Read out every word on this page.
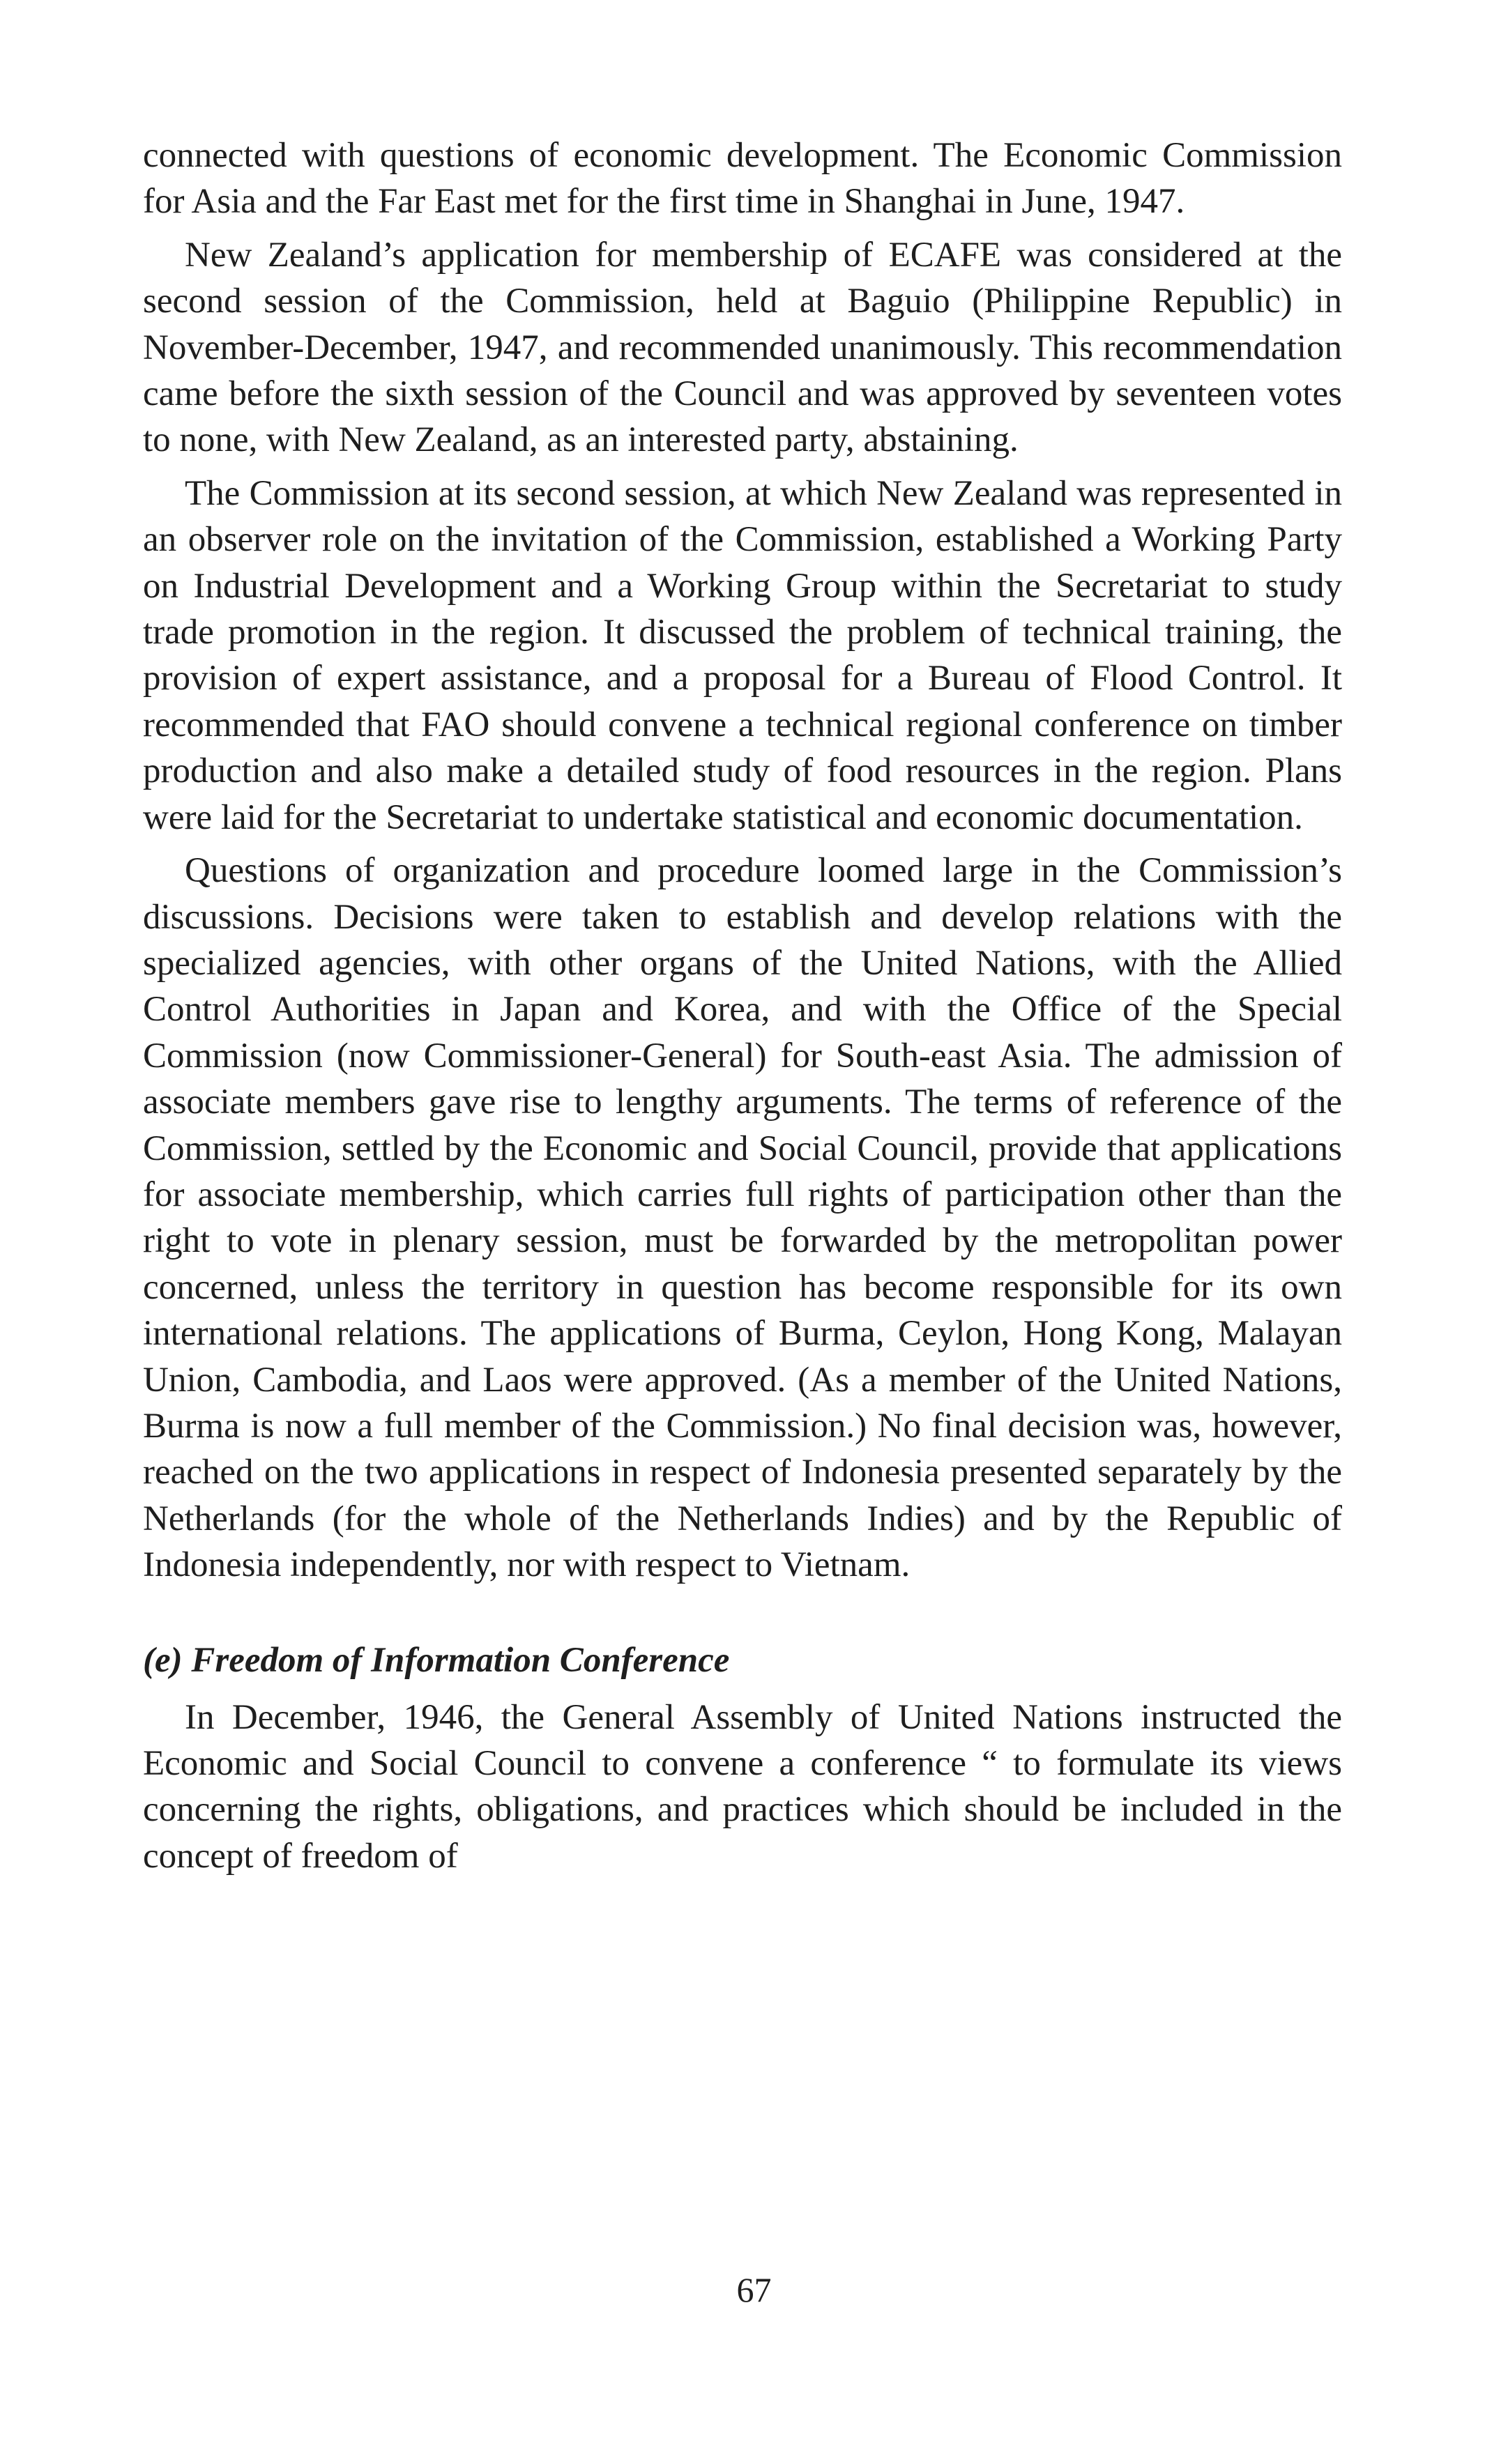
connected with questions of economic development. The Economic Commission for Asia and the Far East met for the first time in Shanghai in June, 1947.

New Zealand’s application for membership of ECAFE was considered at the second session of the Commission, held at Baguio (Philippine Republic) in November-December, 1947, and recommended unanimously. This recommendation came before the sixth session of the Council and was approved by seventeen votes to none, with New Zealand, as an interested party, abstaining.

The Commission at its second session, at which New Zealand was represented in an observer role on the invitation of the Commission, established a Working Party on Industrial Development and a Working Group within the Secretariat to study trade promotion in the region. It discussed the problem of technical training, the provision of expert assistance, and a proposal for a Bureau of Flood Control. It recommended that FAO should convene a technical regional conference on timber production and also make a detailed study of food resources in the region. Plans were laid for the Secretariat to undertake statistical and economic documentation.

Questions of organization and procedure loomed large in the Commission’s discussions. Decisions were taken to establish and develop relations with the specialized agencies, with other organs of the United Nations, with the Allied Control Authorities in Japan and Korea, and with the Office of the Special Commission (now Commissioner-General) for South-east Asia. The admission of associate members gave rise to lengthy arguments. The terms of reference of the Commission, settled by the Economic and Social Council, provide that applications for associate membership, which carries full rights of participation other than the right to vote in plenary session, must be forwarded by the metropolitan power concerned, unless the territory in question has become responsible for its own international relations. The applications of Burma, Ceylon, Hong Kong, Malayan Union, Cambodia, and Laos were approved. (As a member of the United Nations, Burma is now a full member of the Commission.) No final decision was, however, reached on the two applications in respect of Indonesia presented separately by the Netherlands (for the whole of the Netherlands Indies) and by the Republic of Indonesia independently, nor with respect to Vietnam.

(e) Freedom of Information Conference

In December, 1946, the General Assembly of United Nations instructed the Economic and Social Council to convene a conference “ to formulate its views concerning the rights, obligations, and practices which should be included in the concept of freedom of

67
